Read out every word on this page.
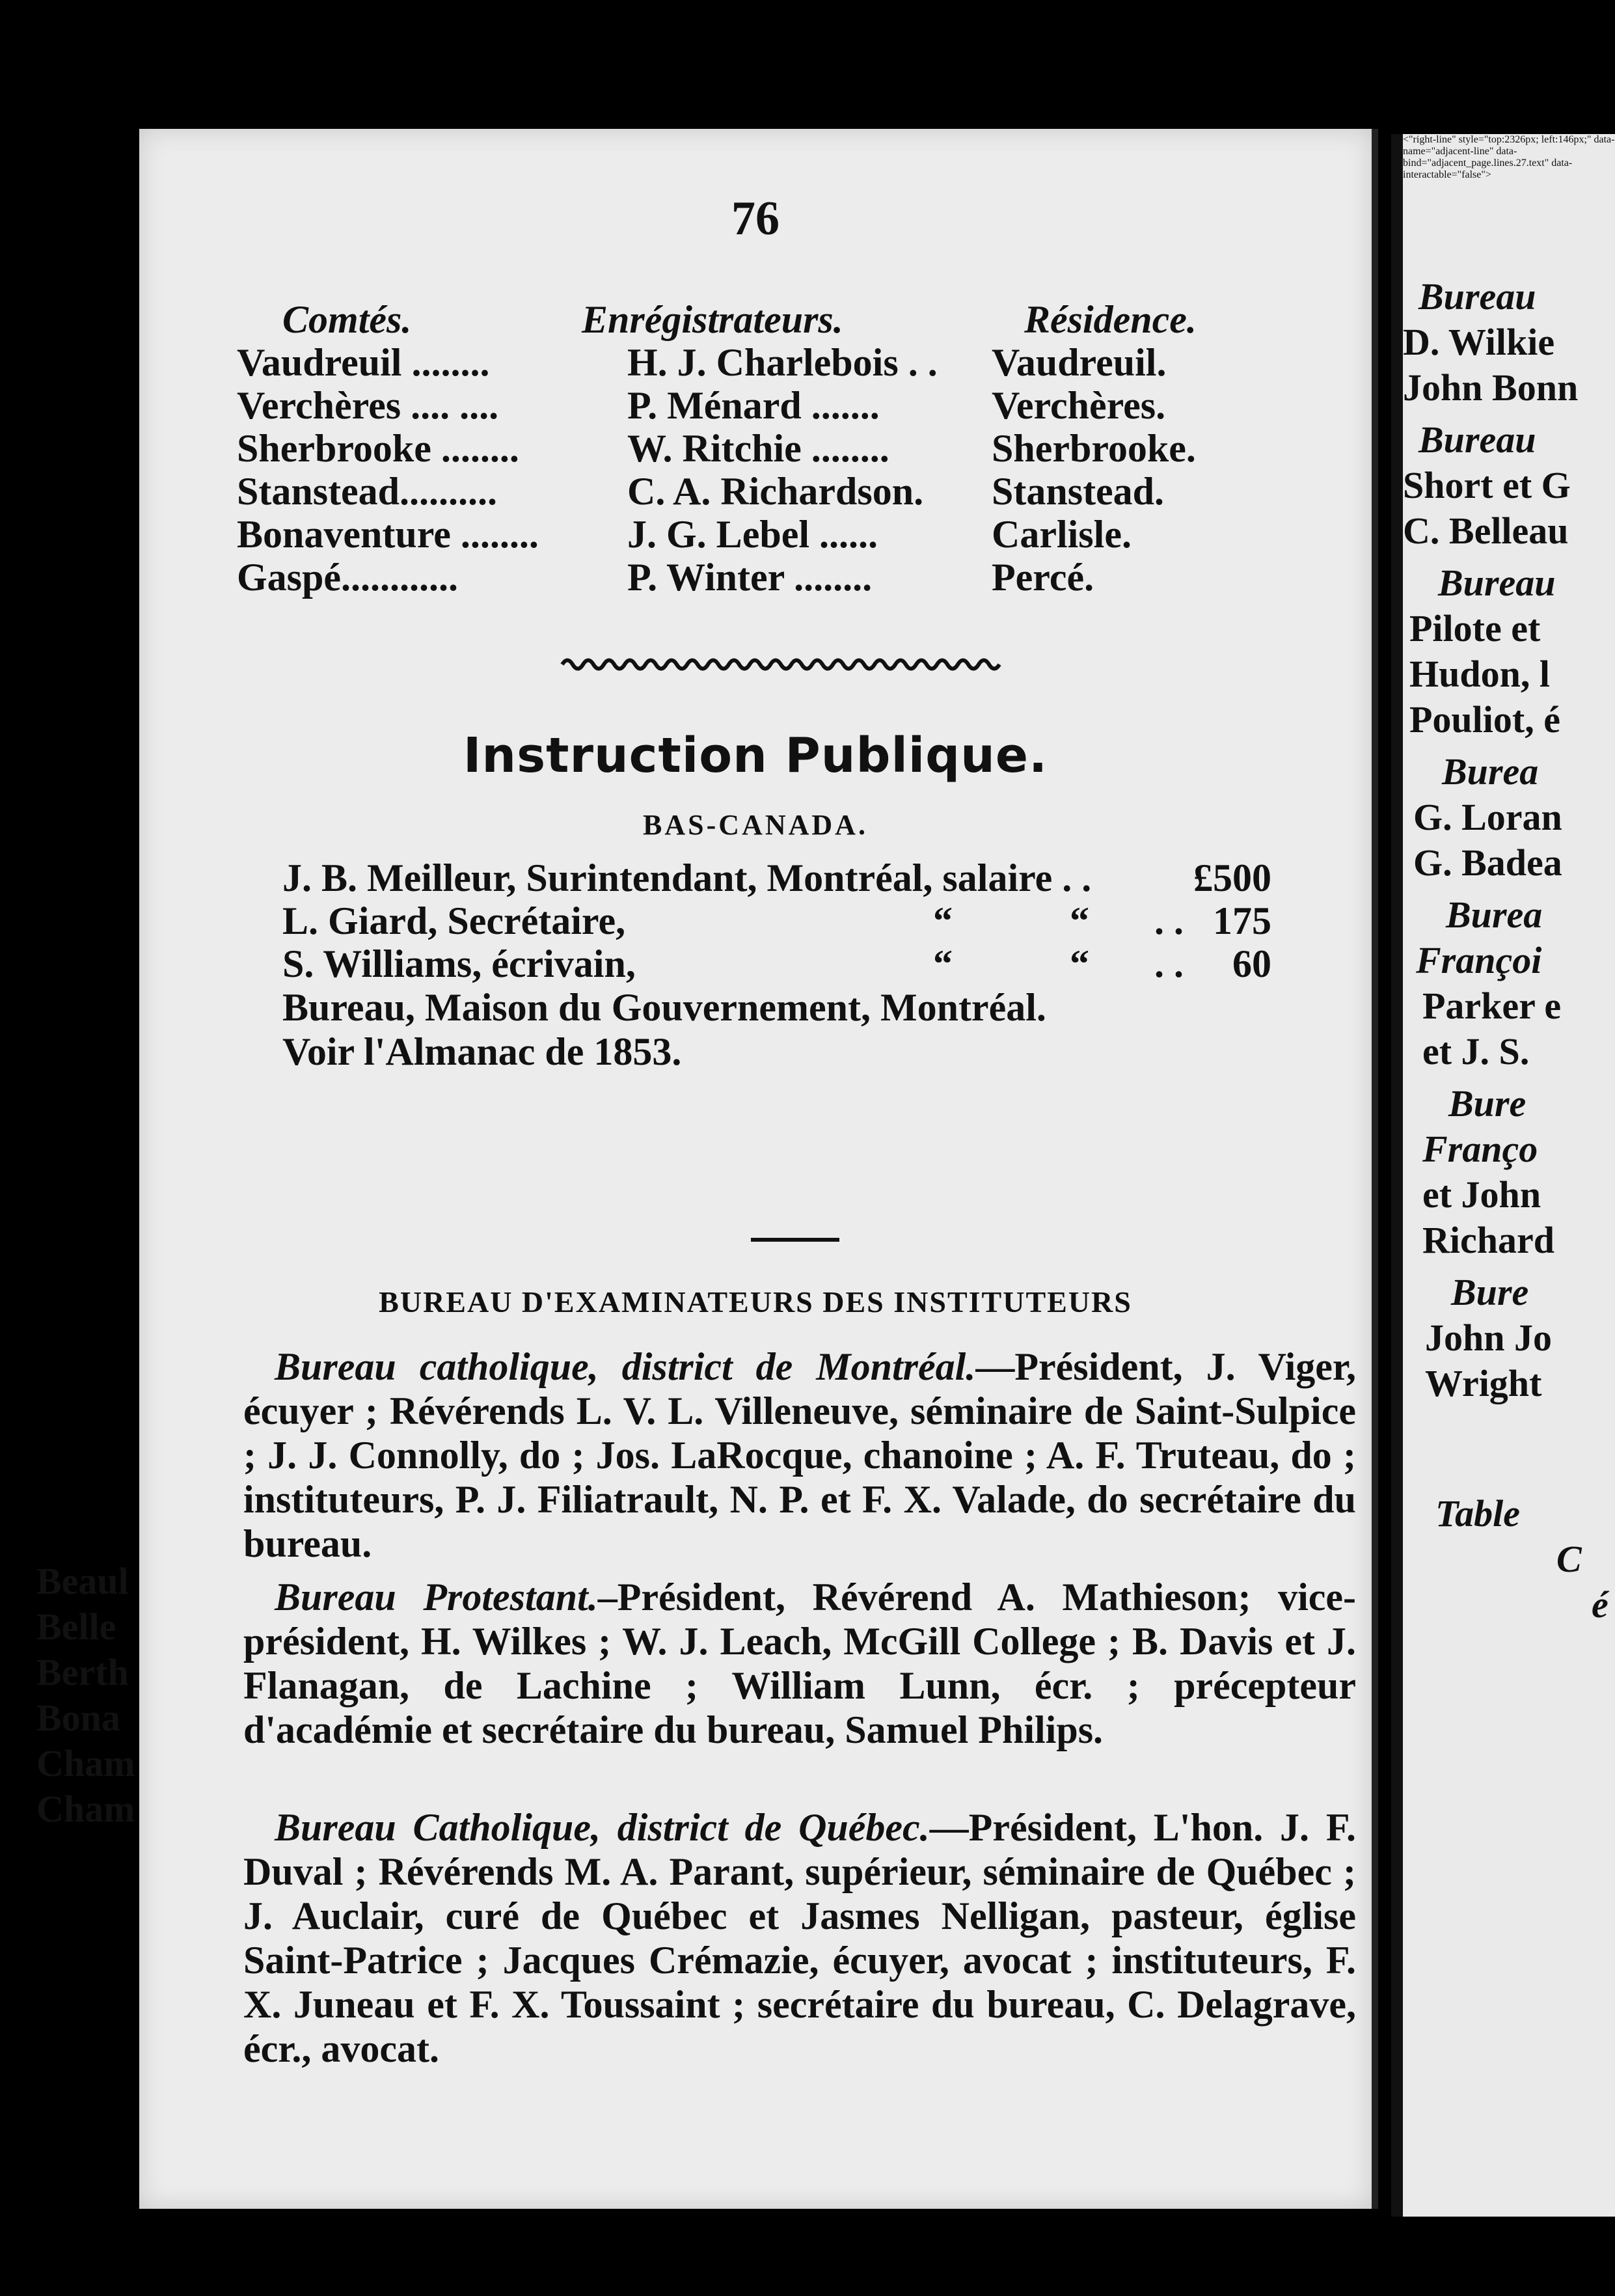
76
Comtés.	Enrégistrateurs.	Résidence.
Vaudreuil ........	H. J. Charlebois . . Vaudreuil.
Verchères .... ....	P. Ménard .......	Verchères.
Sherbrooke ........	W. Ritchie ........	Sherbrooke.
Stanstead..........	C. A. Richardson. Stanstead.
Bonaventure ........ J. G. Lebel ......	Carlisle.
Gaspé............	P. Winter ........	Percé.
Instruction Publique.
BAS-CANADA.
J. B. Meilleur, Surintendant, Montréal, salaire . .	£500
L. Giard, Secrétaire,	“	“ . . 175
S. Williams, écrivain,	“	“ . . 60
Bureau, Maison du Gouvernement, Montréal.
Voir l'Almanac de 1853.
BUREAU D'EXAMINATEURS DES INSTITUTEURS
Bureau catholique, district de Montréal.—Président, J. Viger, écuyer ; Révérends L. V. L. Villeneuve, séminaire de Saint-Sulpice ; J. J. Connolly, do ; Jos. LaRocque, chanoine ; A. F. Truteau, do ; instituteurs, P. J. Filiatrault, N. P. et F. X. Valade, do secrétaire du bureau.
Bureau Protestant.–Président, Révérend A. Mathieson; vice-président, H. Wilkes ; W. J. Leach, McGill College ; B. Davis et J. Flanagan, de Lachine ; William Lunn, écr. ; précepteur d'académie et secrétaire du bureau, Samuel Philips.
Bureau Catholique, district de Québec.—Président, L'hon. J. F. Duval ; Révérends M. A. Parant, supérieur, séminaire de Québec ; J. Auclair, curé de Québec et Jasmes Nelligan, pasteur, église Saint-Patrice ; Jacques Crémazie, écuyer, avocat ; instituteurs, F. X. Juneau et F. X. Toussaint ; secrétaire du bureau, C. Delagrave, écr., avocat.
Bureau
D. Wilkie
John Bonn
Bureau
Short et G
C. Belleau
Bureau
Pilote et
Hudon, l
Pouliot, é
Burea
G. Loran
G. Badea
Burea
Françoi
Parker e
et J. S.
Bure
Franço
et John
Richard
Bure
John Jo
Wright
Table
C
é
<"right-line" style="top:2326px; left:146px;" data-name="adjacent-line" data-bind="adjacent_page.lines.27.text" data-interactable="false">
Beaul
Belle
Berth
Bona
Cham
Cham
